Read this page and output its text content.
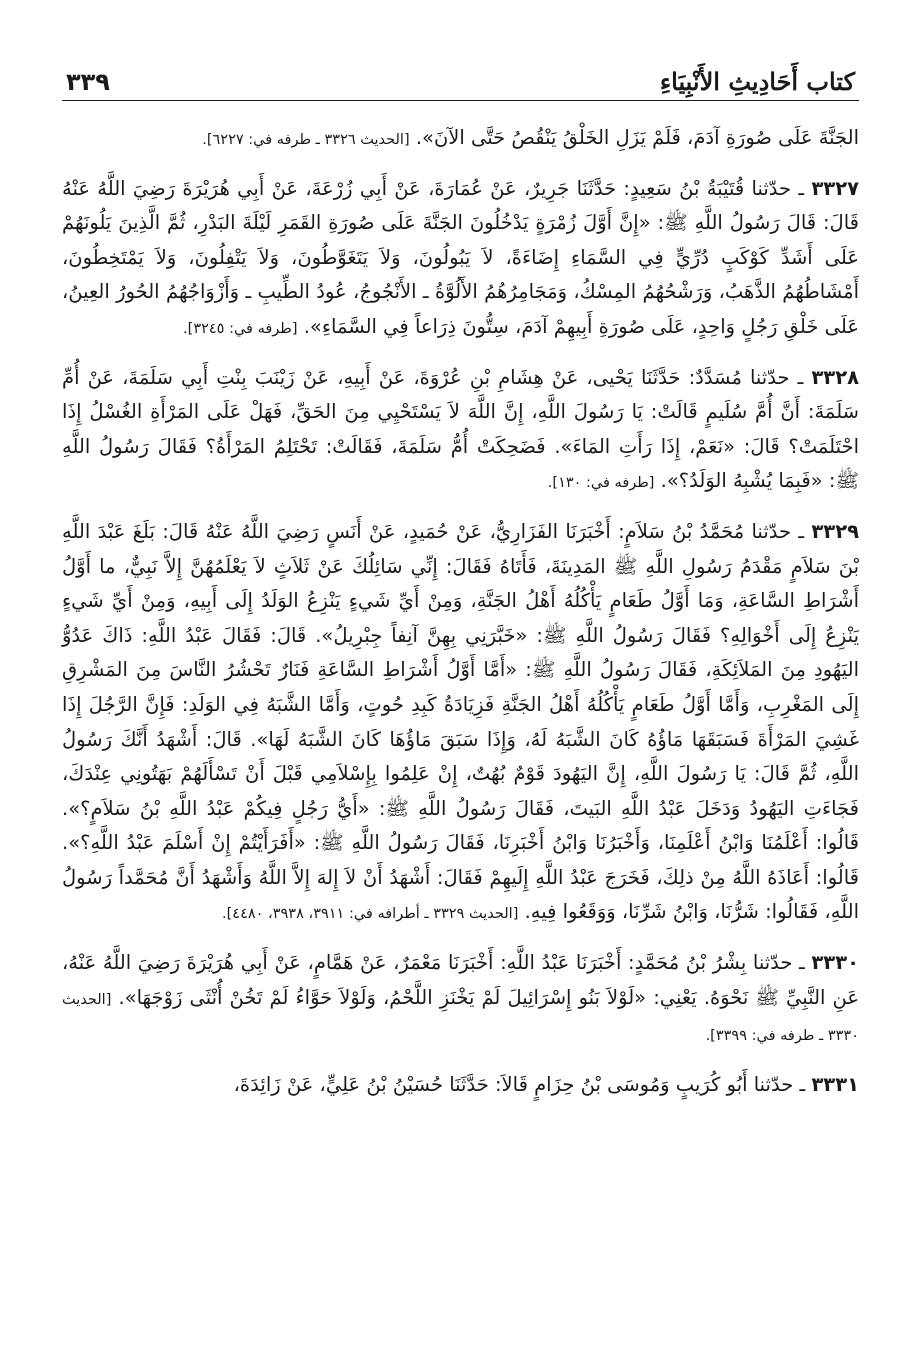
كتاب أَحَادِيثِ الأَنْبِيَاءِ
٣٣٩

الجَنَّةَ عَلَى صُورَةِ آدَمَ، فَلَمْ يَزَلِ الخَلْقُ يَنْقُصُ حَتَّى الآنَ». [الحديث ٣٣٢٦ ـ طرفه في: ٦٢٢٧].

٣٣٢٧ ـ حدّثنا قُتَيْبَةُ بْنُ سَعِيدٍ: حَدَّثَنَا جَرِيرٌ، عَنْ عُمَارَةَ، عَنْ أَبِي زُرْعَةَ، عَنْ أَبِي هُرَيْرَةَ رَضِيَ اللَّهُ عَنْهُ قَالَ: قَالَ رَسُولُ اللَّهِ ﷺ: «إِنَّ أَوَّلَ زُمْرَةٍ يَدْخُلُونَ الجَنَّةَ عَلَى صُورَةِ القَمَرِ لَيْلَةَ البَدْرِ، ثُمَّ الَّذِينَ يَلُونَهُمْ عَلَى أَشَدِّ كَوْكَبٍ دُرِّيٍّ فِي السَّمَاءِ إِضَاءَةً، لاَ يَبُولُونَ، وَلاَ يَتَغَوَّطُونَ، وَلاَ يَتْفِلُونَ، وَلاَ يَمْتَخِطُونَ، أَمْشَاطُهُمُ الذَّهَبُ، وَرَشْحُهُمُ المِسْكُ، وَمَجَامِرُهُمُ الأَلُوَّةُ ـ الأَنْجُوجُ، عُودُ الطِّيبِ ـ وَأَزْوَاجُهُمُ الحُورُ العِينُ، عَلَى خَلْقِ رَجُلٍ وَاحِدٍ، عَلَى صُورَةِ أَبِيهِمْ آدَمَ، سِتُّونَ ذِرَاعاً فِي السَّمَاءِ». [طرفه في: ٣٢٤٥].

٣٣٢٨ ـ حدّثنا مُسَدَّدٌ: حَدَّثَنَا يَحْيى، عَنْ هِشَامِ بْنِ عُرْوَةَ، عَنْ أَبِيهِ، عَنْ زَيْنَبَ بِنْتِ أَبِي سَلَمَةَ، عَنْ أُمِّ سَلَمَةَ: أَنَّ أُمَّ سُلَيمٍ قَالَتْ: يَا رَسُولَ اللَّهِ، إِنَّ اللَّهَ لاَ يَسْتَحْيِي مِنَ الحَقِّ، فَهَلْ عَلَى المَرْأَةِ الغُسْلُ إِذَا احْتَلَمَتْ؟ قَالَ: «نَعَمْ، إِذَا رَأَتِ المَاءَ». فَضَحِكَتْ أُمُّ سَلَمَةَ، فَقَالَتْ: تَحْتَلِمُ المَرْأَةُ؟ فَقَالَ رَسُولُ اللَّهِ ﷺ: «فَبِمَا يُشْبِهُ الوَلَدُ؟». [طرفه في: ١٣٠].

٣٣٢٩ ـ حدّثنا مُحَمَّدُ بْنُ سَلاَمٍ: أَخْبَرَنَا الفَزَارِيُّ، عَنْ حُمَيدٍ، عَنْ أَنَسٍ رَضِيَ اللَّهُ عَنْهُ قَالَ: بَلَغَ عَبْدَ اللَّهِ بْنَ سَلاَمٍ مَقْدَمُ رَسُولِ اللَّهِ ﷺ المَدِينَةَ، فَأَتَاهُ فَقَالَ: إِنِّي سَائِلُكَ عَنْ ثَلاَثٍ لاَ يَعْلَمُهُنَّ إِلاَّ نَبِيٌّ، ما أَوَّلُ أَشْرَاطِ السَّاعَةِ، وَمَا أَوَّلُ طَعَامٍ يَأْكُلُهُ أَهْلُ الجَنَّةِ، وَمِنْ أَيِّ شَيءٍ يَنْزِعُ الوَلَدُ إِلَى أَبِيهِ، وَمِنْ أَيِّ شَيءٍ يَنْزِعُ إِلَى أَخْوَالِهِ؟ فَقَالَ رَسُولُ اللَّهِ ﷺ: «خَبَّرَنِي بِهِنَّ آنِفاً جِبْرِيلُ». قَالَ: فَقَالَ عَبْدُ اللَّهِ: ذَاكَ عَدُوُّ اليَهُودِ مِنَ المَلاَئِكَةِ، فَقَالَ رَسُولُ اللَّهِ ﷺ: «أَمَّا أَوَّلُ أَشْرَاطِ السَّاعَةِ فَنَارٌ تَحْشُرُ النَّاسَ مِنَ المَشْرِقِ إِلَى المَغْرِبِ، وَأَمَّا أَوَّلُ طَعَامٍ يَأْكُلُهُ أَهْلُ الجَنَّةِ فَزِيَادَةُ كَبِدِ حُوتٍ، وَأَمَّا الشَّبَهُ فِي الوَلَدِ: فَإِنَّ الرَّجُلَ إِذَا غَشِيَ المَرْأَةَ فَسَبَقَهَا مَاؤُهُ كَانَ الشَّبَهُ لَهُ، وَإِذَا سَبَقَ مَاؤُهَا كَانَ الشَّبَهُ لَهَا». قَالَ: أَشْهَدُ أَنَّكَ رَسُولُ اللَّهِ، ثُمَّ قَالَ: يَا رَسُولَ اللَّهِ، إِنَّ اليَهُودَ قَوْمٌ بُهُتٌ، إِنْ عَلِمُوا بِإِسْلاَمِي قَبْلَ أَنْ تَسْأَلَهُمْ بَهَتُونِي عِنْدَكَ، فَجَاءَتِ اليَهُودُ وَدَخَلَ عَبْدُ اللَّهِ البَيتَ، فَقَالَ رَسُولُ اللَّهِ ﷺ: «أَيُّ رَجُلٍ فِيكُمْ عَبْدُ اللَّهِ بْنُ سَلاَمٍ؟». قَالُوا: أَعْلَمُنَا وَابْنُ أَعْلَمِنَا، وَأَخْبَرُنَا وَابْنُ أَخْبَرِنَا، فَقَالَ رَسُولُ اللَّهِ ﷺ: «أَفَرَأَيْتُمْ إِنْ أَسْلَمَ عَبْدُ اللَّهِ؟». قَالُوا: أَعَاذَهُ اللَّهُ مِنْ ذلِكَ، فَخَرَجَ عَبْدُ اللَّهِ إِلَيهِمْ فَقَالَ: أَشْهَدُ أَنْ لاَ إِلهَ إِلاَّ اللَّهُ وَأَشْهَدُ أَنَّ مُحَمَّداً رَسُولُ اللَّهِ، فَقَالُوا: شَرُّنَا، وَابْنُ شَرِّنَا، وَوَقَعُوا فِيهِ. [الحديث ٣٣٢٩ ـ أطرافه في: ٣٩١١، ٣٩٣٨، ٤٤٨٠].

٣٣٣٠ ـ حدّثنا بِشْرُ بْنُ مُحَمَّدٍ: أَخْبَرَنَا عَبْدُ اللَّهِ: أَخْبَرَنَا مَعْمَرٌ، عَنْ هَمَّامٍ، عَنْ أَبِي هُرَيْرَةَ رَضِيَ اللَّهُ عَنْهُ، عَنِ النَّبِيِّ ﷺ نَحْوَهُ. يَعْنِي: «لَوْلاَ بَنُو إِسْرَائِيلَ لَمْ يَخْنَزِ اللَّحْمُ، وَلَوْلاَ حَوَّاءُ لَمْ تَخُنْ أُنْثَى زَوْجَهَا». [الحديث ٣٣٣٠ ـ طرفه في: ٣٣٩٩].

٣٣٣١ ـ حدّثنا أَبُو كُرَيبٍ وَمُوسَى بْنُ حِزَامٍ قَالاَ: حَدَّثَنَا حُسَيْنُ بْنُ عَلِيٍّ، عَنْ زَائِدَةَ،
